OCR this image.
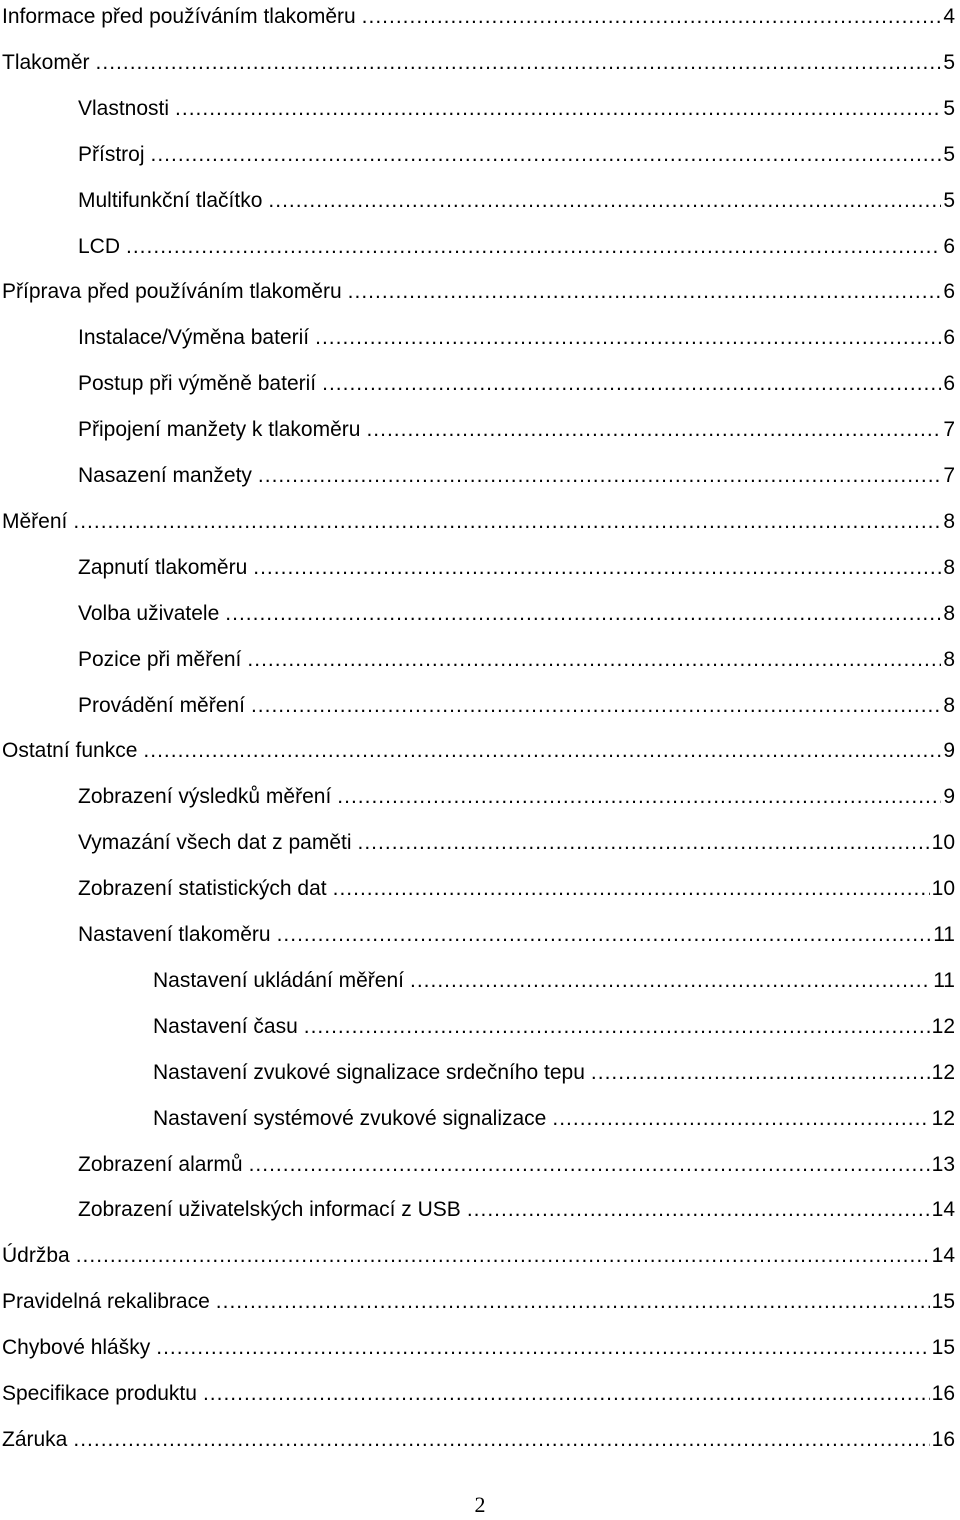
Informace před používáním tlakoměru .....	4
Tlakoměr .....	5
Vlastnosti .....	5
Přístroj .....	5
Multifunkční tlačítko .....	5
LCD .....	6
Příprava před používáním tlakoměru .....	6
Instalace/Výměna baterií .....	6
Postup při výměně baterií .....	6
Připojení manžety k tlakoměru .....	7
Nasazení manžety .....	7
Měření .....	8
Zapnutí tlakoměru .....	8
Volba uživatele .....	8
Pozice při měření .....	8
Provádění měření .....	8
Ostatní funkce .....	9
Zobrazení výsledků měření .....	9
Vymazání všech dat z paměti .....	10
Zobrazení statistických dat .....	10
Nastavení tlakoměru .....	11
Nastavení ukládání měření .....	11
Nastavení času .....	12
Nastavení zvukové signalizace srdečního tepu .....	12
Nastavení systémové zvukové signalizace .....	12
Zobrazení alarmů .....	13
Zobrazení uživatelských informací z USB .....	14
Údržba .....	14
Pravidelná rekalibrace .....	15
Chybové hlášky .....	15
Specifikace produktu .....	16
Záruka .....	16
2
